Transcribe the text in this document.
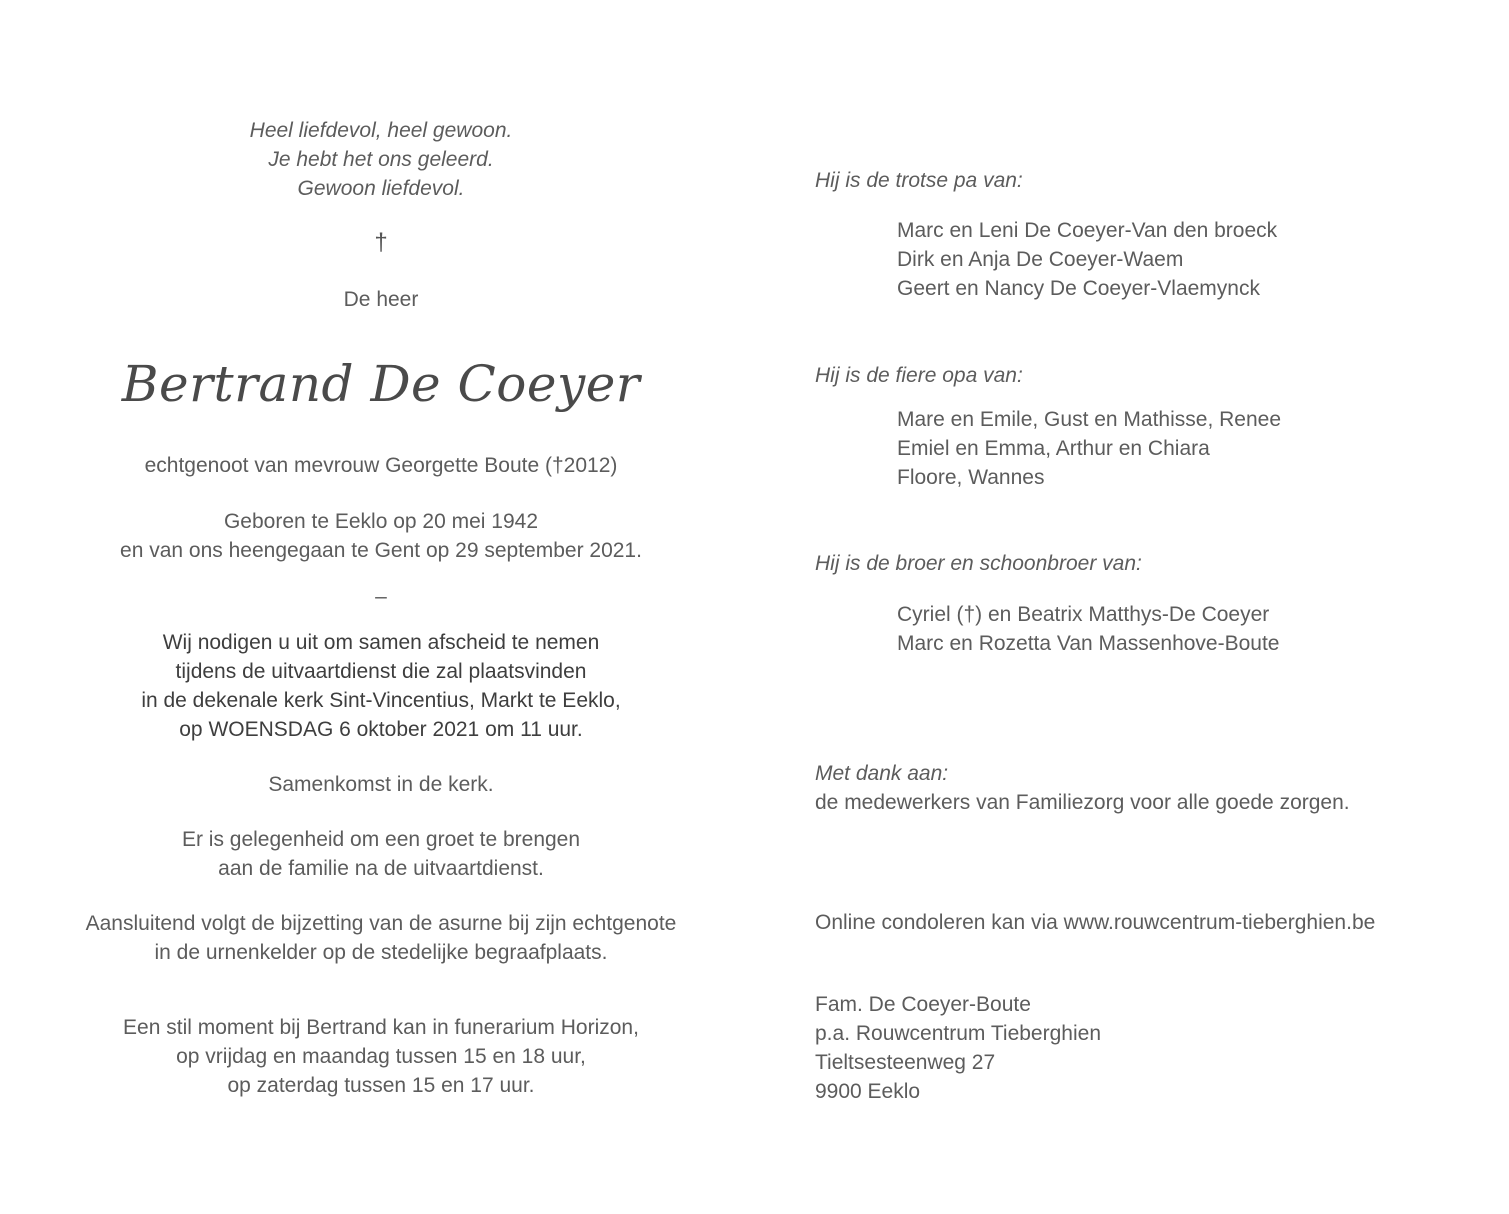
Heel liefdevol, heel gewoon.
Je hebt het ons geleerd.
Gewoon liefdevol.
†
De heer
Bertrand De Coeyer
echtgenoot van mevrouw Georgette Boute (†2012)
Geboren te Eeklo op 20 mei 1942
en van ons heengegaan te Gent op 29 september 2021.
–
Wij nodigen u uit om samen afscheid te nemen
tijdens de uitvaartdienst die zal plaatsvinden
in de dekenale kerk Sint-Vincentius, Markt te Eeklo,
op WOENSDAG 6 oktober 2021 om 11 uur.
Samenkomst in de kerk.
Er is gelegenheid om een groet te brengen
aan de familie na de uitvaartdienst.
Aansluitend volgt de bijzetting van de asurne bij zijn echtgenote
in de urnenkelder op de stedelijke begraafplaats.
Een stil moment bij Bertrand kan in funerarium Horizon,
op vrijdag en maandag tussen 15 en 18 uur,
op zaterdag tussen 15 en 17 uur.
Hij is de trotse pa van:
Marc en Leni De Coeyer-Van den broeck
Dirk en Anja De Coeyer-Waem
Geert en Nancy De Coeyer-Vlaemynck
Hij is de fiere opa van:
Mare en Emile, Gust en Mathisse, Renee
Emiel en Emma, Arthur en Chiara
Floore, Wannes
Hij is de broer en schoonbroer van:
Cyriel (†) en Beatrix Matthys-De Coeyer
Marc en Rozetta Van Massenhove-Boute
Met dank aan:
de medewerkers van Familiezorg voor alle goede zorgen.
Online condoleren kan via www.rouwcentrum-tieberghien.be
Fam. De Coeyer-Boute
p.a. Rouwcentrum Tieberghien
Tieltsesteenweg 27
9900 Eeklo
